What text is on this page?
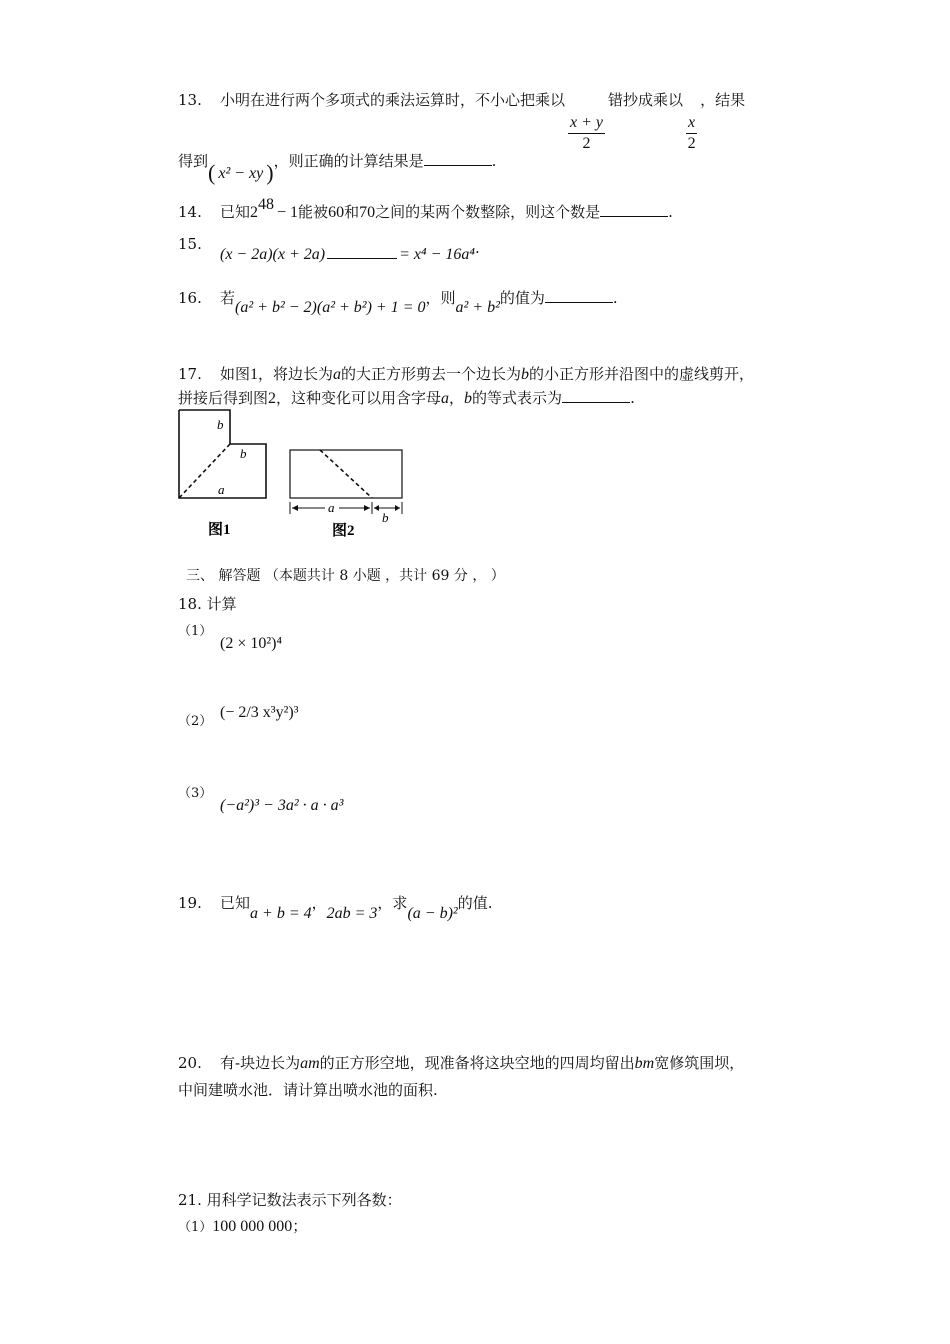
13. 小明在进行两个多项式的乘法运算时，不小心把乘以
$\frac{x + y}{2}$
错抄成乘以
$\frac{x}{2}$
，结果
得到( x² − xy )，则正确的计算结果是	.
14. 已知$2^{48} - 1$能被60和70之间的某两个数整除，则这个数是	.
15.
(x − 2a)(x + 2a)	= x⁴ − 16a⁴.
16. 若(a² + b² − 2)(a² + b²) + 1 = 0，则a² + b²的值为	.
17. 如图1，将边长为a的大正方形剪去一个边长为b的小正方形并沿图中的虚线剪开，
拼接后得到图2，这种变化可以用含字母a，b的等式表示为	.
b
b
a
图1
a
b
图2
三、 解答题 （本题共计 8 小题 ，共计 69 分 ， ）
18. 计算
（1）
(2 × 10²)⁴
（2）
(− 2/3 x³y²)³
（3）
(−a²)³ − 3a² · a · a³
19. 已知a + b = 4，2ab = 3，求(a − b)²的值.
20. 有-块边长为am的正方形空地，现准备将这块空地的四周均留出bm宽修筑围坝，
中间建喷水池．请计算出喷水池的面积.
21. 用科学记数法表示下列各数：
（1）100 000 000；
